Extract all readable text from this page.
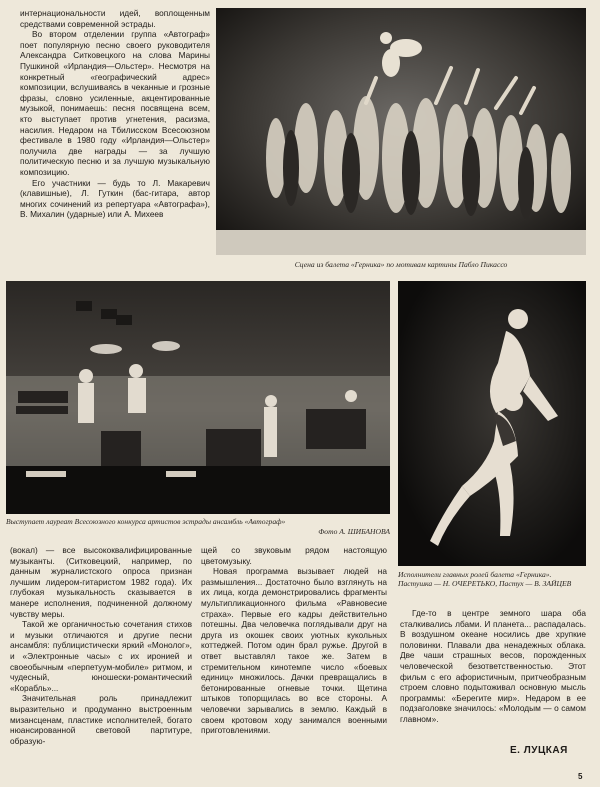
интернациональности идей, воплощенным средствами современной эстрады.

Во втором отделении группа «Автограф» поет популярную песню своего руководителя Александра Ситковецкого на слова Марины Пушкиной «Ирландия—Ольстер». Несмотря на конкретный «географический адрес» композиции, вслушиваясь в чеканные и грозные фразы, словно усиленные, акцентированные музыкой, понимаешь: песня посвящена всем, кто выступает против угнетения, расизма, насилия. Недаром на Тбилисском Всесоюзном фестивале в 1980 году «Ирландия—Ольстер» получила две награды — за лучшую политическую песню и за лучшую музыкальную композицию.

Его участники — будь то Л. Макаревич (клавишные), Л. Гуткин (бас-гитара, автор многих сочинений из репертуара «Автографа»), В. Михалин (ударные) или А. Михеев

Сцена из балета «Герника» по мотивам картины Пабло Пикассо
Выступает лауреат Всесоюзного конкурса артистов эстрады ансамбль «Автограф»
Фото А. ШИБАНОВА
Исполнители главных ролей балета «Герника». Пастушка — Н. ОЧЕРЕТЬКО, Пастух — В. ЗАЙЦЕВ

(вокал) — все высококвалифицированные музыканты. (Ситковецкий, например, по данным журналистского опроса признан лучшим лидером-гитаристом 1982 года). Их глубокая музыкальность сказывается в манере исполнения, подчиненной должному чувству меры.

Такой же органичностью сочетания стихов и музыки отличаются и другие песни ансамбля: публицистически яркий «Монолог», и «Электронные часы» с их иронией и своеобычным «перпетуум-мобиле» ритмом, и чудесный, юношески-романтический «Корабль»...

Значительная роль принадлежит выразительно и продуманно выстроенным мизансценам, пластике исполнителей, богато нюансированной световой партитуре, образую-

щей со звуковым рядом настоящую цветомузыку.

Новая программа вызывает людей на размышления... Достаточно было взглянуть на их лица, когда демонстрировались фрагменты мультипликационного фильма «Равновесие страха». Первые его кадры действительно потешны. Два человечка поглядывали друг на друга из окошек своих уютных кукольных коттеджей. Потом один брал ружье. Другой в ответ выставлял такое же. Затем в стремительном кинотемпе число «боевых единиц» множилось. Дачки превращались в бетонированные огневые точки. Щетина штыков топорщилась во все стороны. А человечки зарывались в землю. Каждый в своем кротовом ходу занимался военными приготовлениями.

Где-то в центре земного шара оба сталкивались лбами. И планета... распадалась. В воздушном океане носились две хрупкие половинки. Плавали два ненадежных облака. Две чаши страшных весов, порожденных человеческой безответственностью. Этот фильм с его афористичным, притчеобразным строем словно подытоживал основную мысль программы: «Берегите мир». Недаром в ее подзаголовке значилось: «Молодым — о самом главном».

Е. ЛУЦКАЯ
5
